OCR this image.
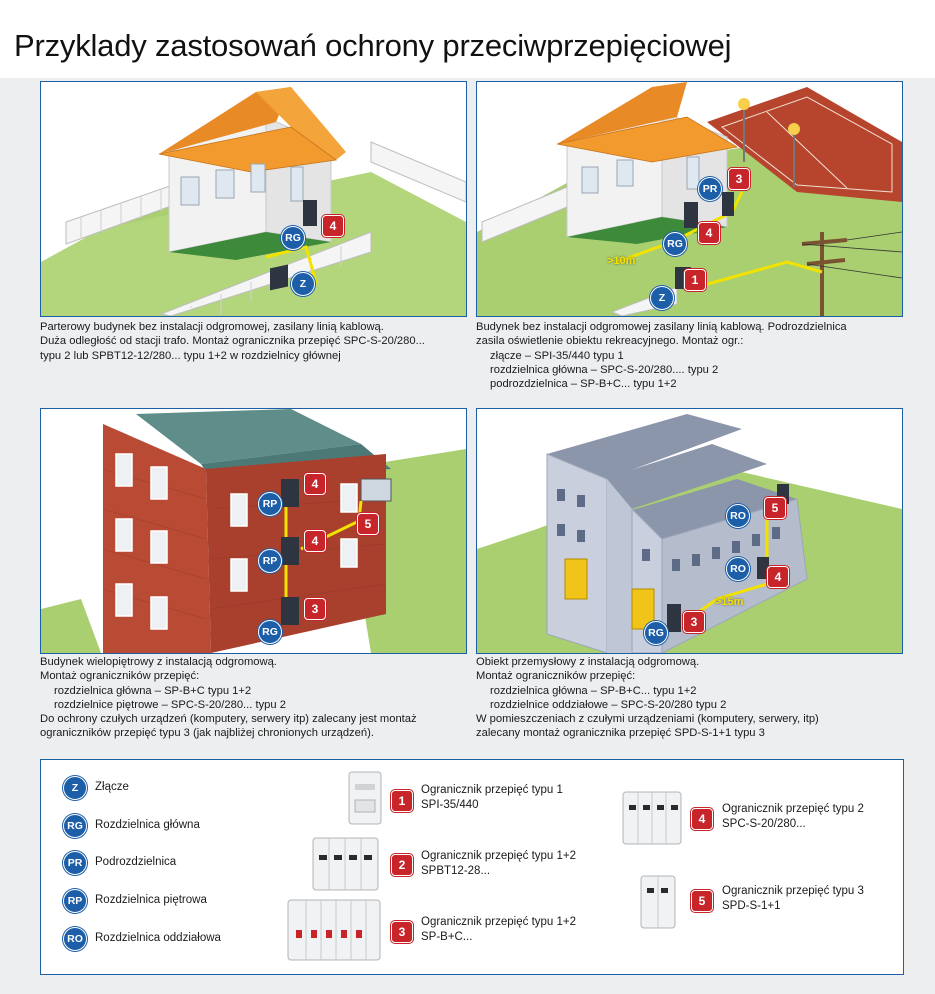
Przyklady zastosowań ochrony przeciwprzepięciowej
RG
4
Z
>10m
PR
3
RG
4
Z
1
Parterowy budynek bez instalacji odgromowej, zasilany linią kablową.
Duża odległość od stacji trafo. Montaż ogranicznika przepięć SPC-S-20/280...
typu 2 lub SPBT12-12/280... typu 1+2 w rozdzielnicy głównej
Budynek bez instalacji odgromowej zasilany linią kablową. Podrozdzielnica
zasila oświetlenie obiektu rekreacyjnego. Montaż ogr.:
złącze – SPI-35/440 typu 1
rozdzielnica główna – SPC-S-20/280.... typu 2
podrozdzielnica – SP-B+C... typu 1+2
4
RP
RP
4
5
3
RG
>15m
RO
5
RO
4
3
RG
Budynek wielopiętrowy z instalacją odgromową.
Montaż ograniczników przepięć:
rozdzielnica główna – SP-B+C typu 1+2
rozdzielnice piętrowe – SPC-S-20/280... typu 2
Do ochrony czułych urządzeń (komputery, serwery itp) zalecany jest montaż
ograniczników przepięć typu 3 (jak najbliżej chronionych urządzeń).
Obiekt przemysłowy z instalacją odgromową.
Montaż ograniczników przepięć:
rozdzielnica główna – SP-B+C... typu 1+2
rozdzielnice oddziałowe – SPC-S-20/280 typu 2
W pomieszczeniach z czułymi urządzeniami (komputery, serwery, itp)
zalecany montaż ogranicznika przepięć SPD-S-1+1 typu 3
Z	Złącze
RG	Rozdzielnica główna
PR	Podrozdzielnica
RP	Rozdzielnica piętrowa
RO	Rozdzielnica oddziałowa
1
Ogranicznik przepięć typu 1
SPI-35/440
2
Ogranicznik przepięć typu 1+2
SPBT12-28...
3
Ogranicznik przepięć typu 1+2
SP-B+C...
4
Ogranicznik przepięć typu 2
SPC-S-20/280...
5
Ogranicznik przepięć typu 3
SPD-S-1+1
